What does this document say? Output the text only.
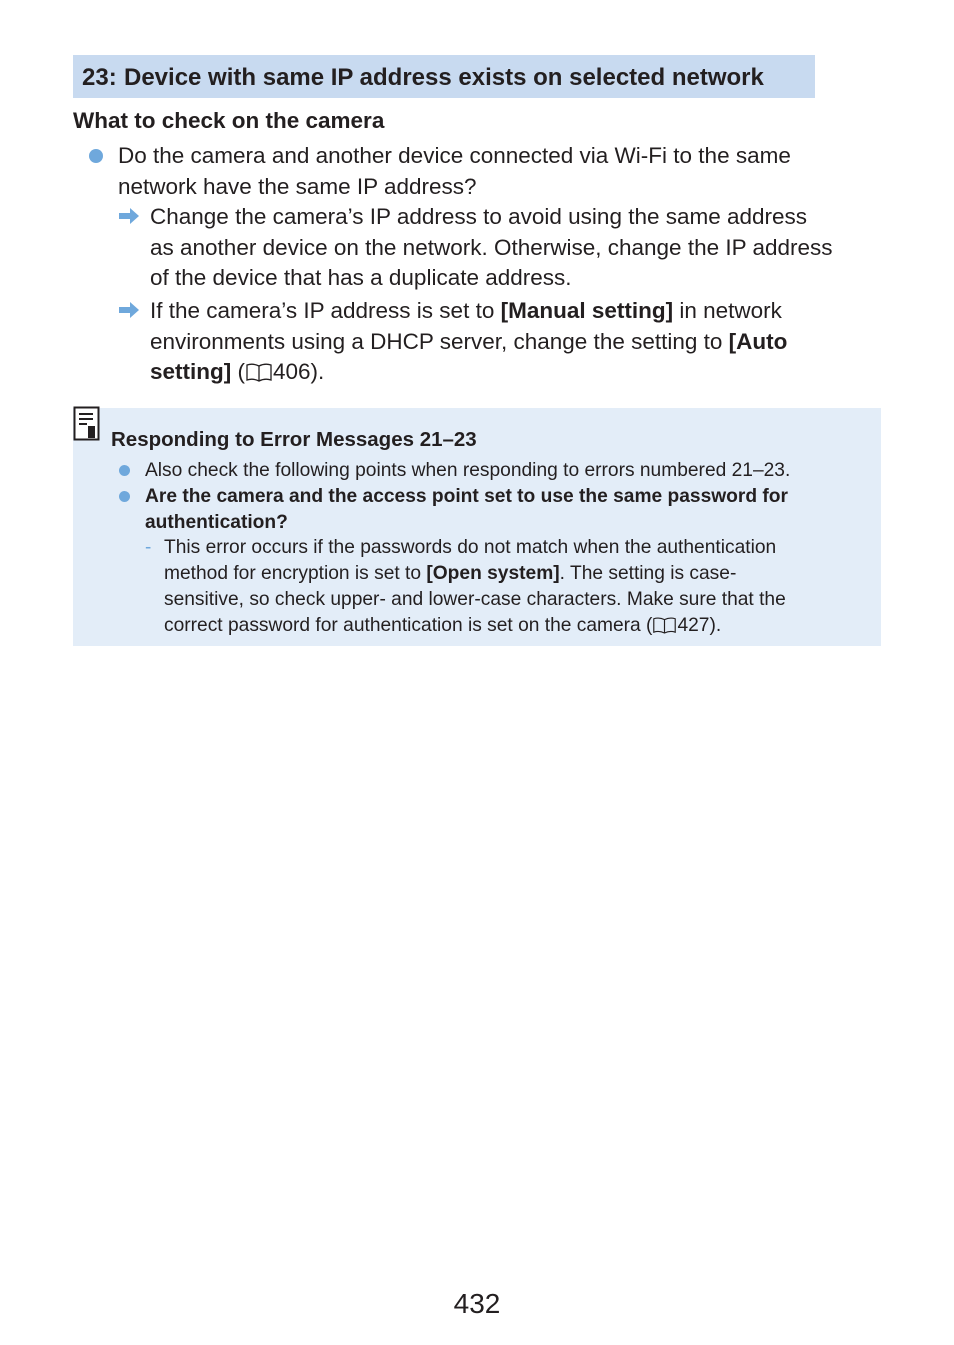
23: Device with same IP address exists on selected network
What to check on the camera
Do the camera and another device connected via Wi-Fi to the same
network have the same IP address?
Change the camera’s IP address to avoid using the same address
as another device on the network. Otherwise, change the IP address
of the device that has a duplicate address.
If the camera’s IP address is set to [Manual setting] in network
environments using a DHCP server, change the setting to [Auto
setting] ( 406).
Responding to Error Messages 21–23
Also check the following points when responding to errors numbered 21–23.
Are the camera and the access point set to use the same password for
authentication?
- This error occurs if the passwords do not match when the authentication
method for encryption is set to [Open system]. The setting is case-
sensitive, so check upper- and lower-case characters. Make sure that the
correct password for authentication is set on the camera ( 427).
432
